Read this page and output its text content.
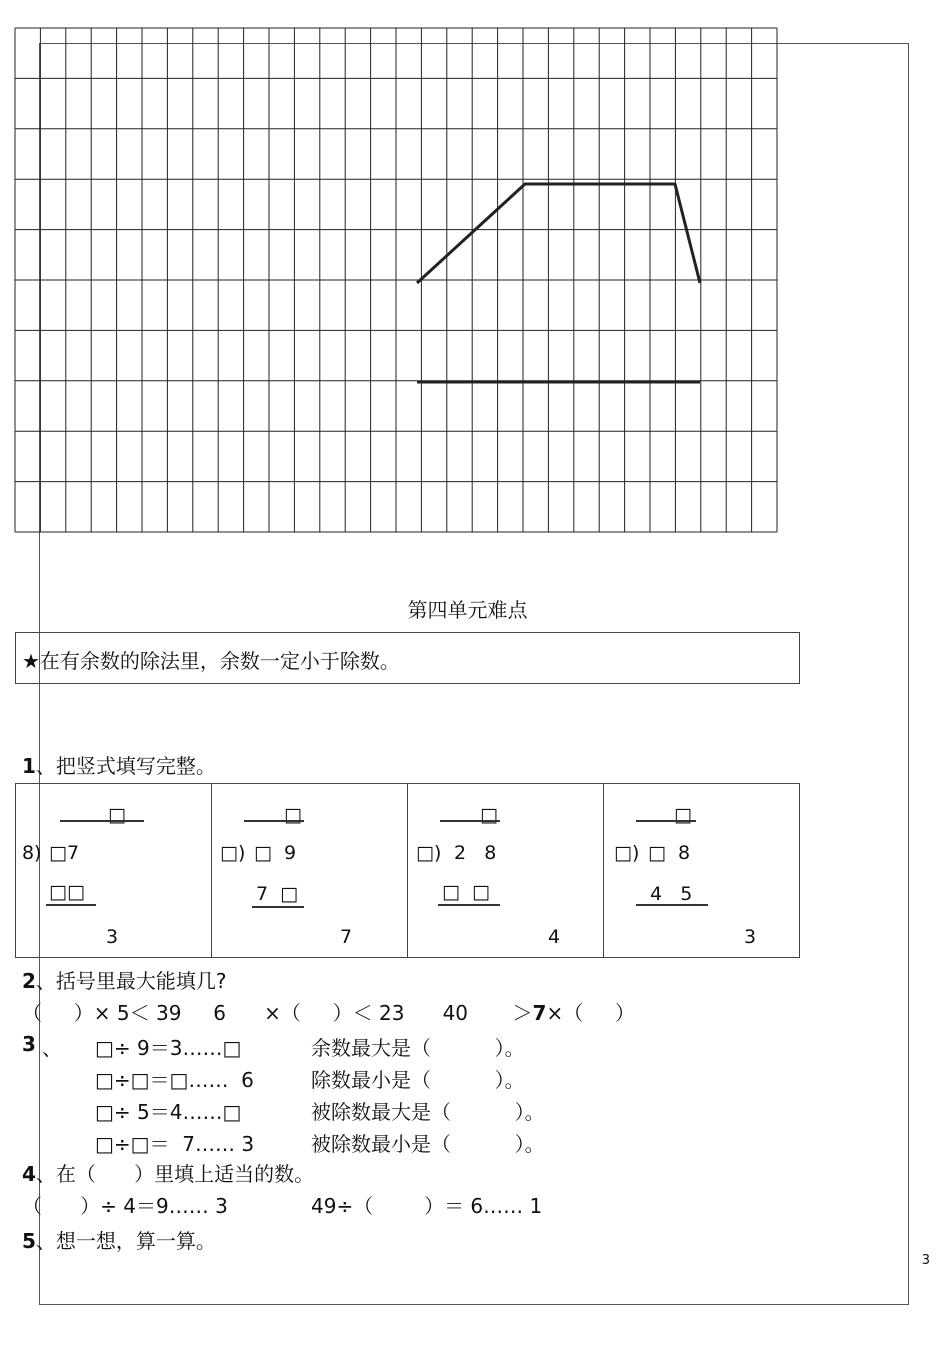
第四单元难点
★在有余数的除法里，余数一定小于除数。
1、把竖式填写完整。
□
8 ) □7
□□
3

□
□ ) □  9
7  □
7

□
□ ) 2   8
□  □
4

□
□ ) □  8
4   5
3
2、括号里最大能填几?
（     ）× 5＜ 39     6      ×（     ）＜ 23      40       ＞7×（     ）
3 、 □÷ 9＝3……□	余数最大是（          ）。
□÷□＝□……  6	除数最小是（          ）。
□÷ 5＝4……□	被除数最大是（          ）。
□÷□＝  7…… 3	被除数最小是（          ）。
4、在（      ）里填上适当的数。
（      ）÷ 4＝9…… 3	49÷（        ）＝ 6…… 1
5、想一想，算一算。
3
